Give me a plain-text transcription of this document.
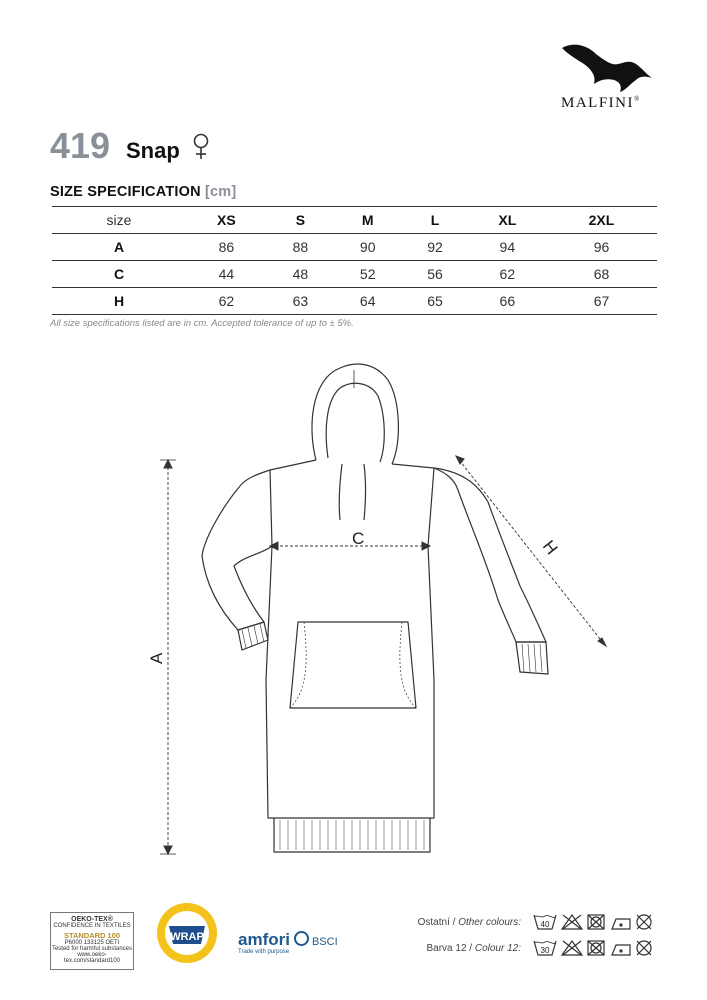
MALFINI®
419 Snap
SIZE SPECIFICATION [cm]
size	XS	S	M	L	XL	2XL
A	86	88	90	92	94	96
C	44	48	52	56	62	68
H	62	63	64	65	66	67
All size specifications listed are in cm. Accepted tolerance of up to ± 5%.
A
C	H
OEKO-TEX®
CONFIDENCE IN TEXTILES
STANDARD 100
P6000 133125 OETI
Tested for harmful substances
www.oeko-tex.com/standard100
WRAP amfori BSCI
Trade with purpose
Ostatní / Other colours: 40
Barva 12 / Colour 12: 30
